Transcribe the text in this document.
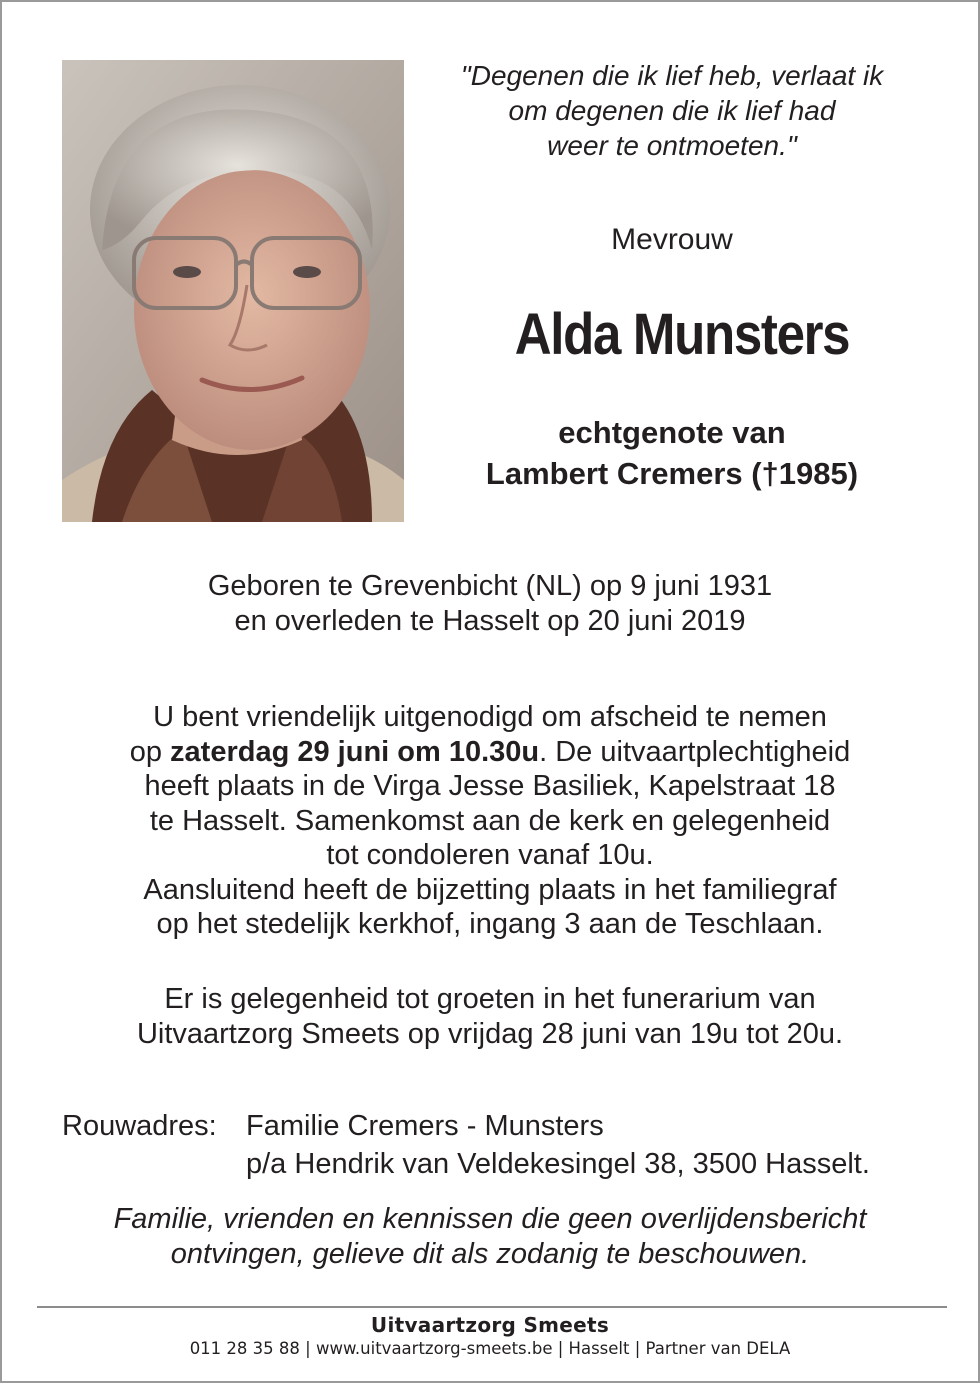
"Degenen die ik lief heb, verlaat ik
om degenen die ik lief had
weer te ontmoeten."
Mevrouw
Alda Munsters
echtgenote van
Lambert Cremers (†1985)
Geboren te Grevenbicht (NL) op 9 juni 1931
en overleden te Hasselt op 20 juni 2019
U bent vriendelijk uitgenodigd om afscheid te nemen
op zaterdag 29 juni om 10.30u. De uitvaartplechtigheid
heeft plaats in de Virga Jesse Basiliek, Kapelstraat 18
te Hasselt. Samenkomst aan de kerk en gelegenheid
tot condoleren vanaf 10u.
Aansluitend heeft de bijzetting plaats in het familiegraf
op het stedelijk kerkhof, ingang 3 aan de Teschlaan.
Er is gelegenheid tot groeten in het funerarium van
Uitvaartzorg Smeets op vrijdag 28 juni van 19u tot 20u.
Rouwadres:	Familie Cremers - Munsters
p/a Hendrik van Veldekesingel 38, 3500 Hasselt.
Familie, vrienden en kennissen die geen overlijdensbericht
ontvingen, gelieve dit als zodanig te beschouwen.
Uitvaartzorg Smeets
011 28 35 88 | www.uitvaartzorg-smeets.be | Hasselt | Partner van DELA
